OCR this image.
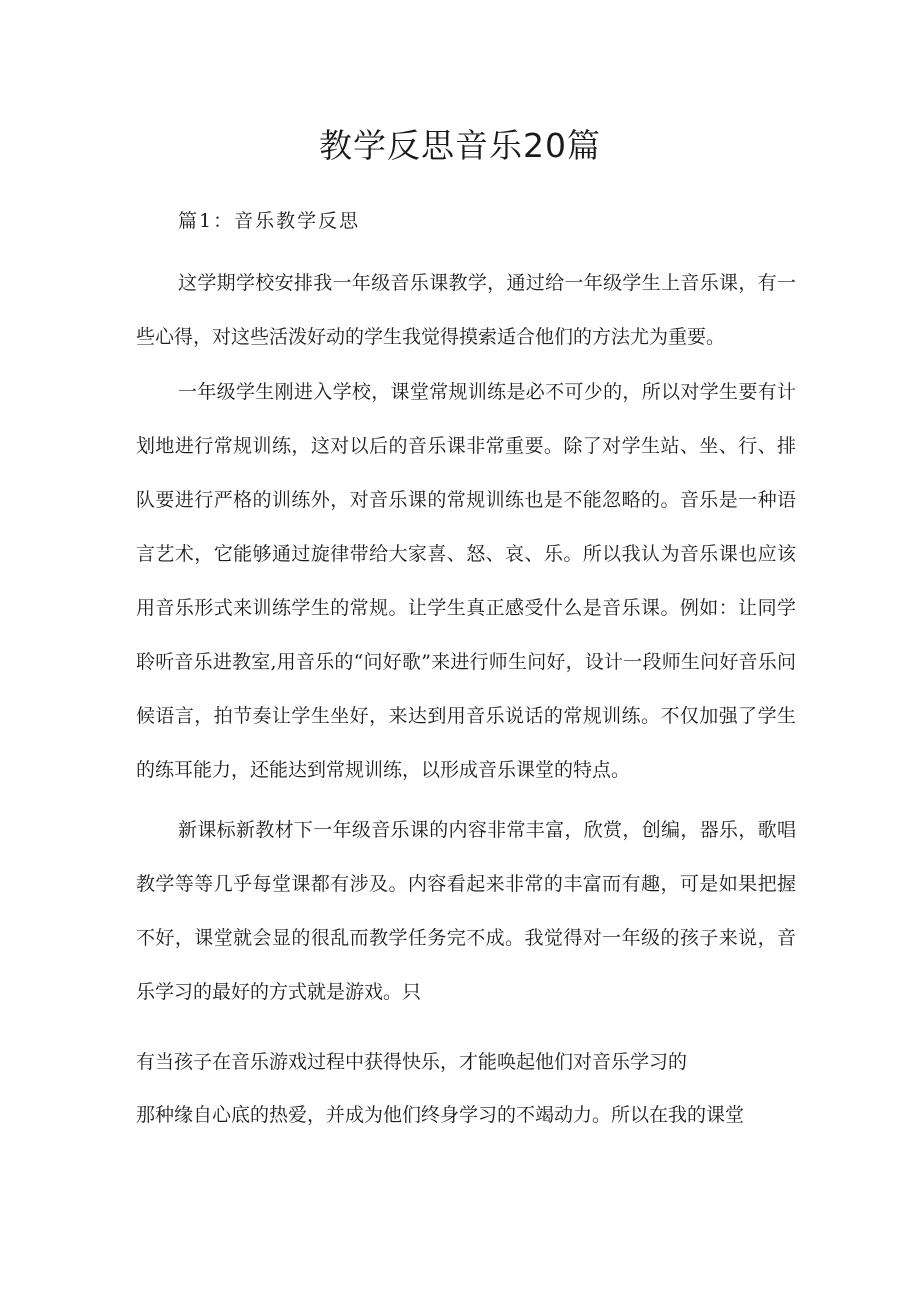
教学反思音乐20篇
篇1：音乐教学反思

这学期学校安排我一年级音乐课教学，通过给一年级学生上音乐课，有一些心得，对这些活泼好动的学生我觉得摸索适合他们的方法尤为重要。

一年级学生刚进入学校，课堂常规训练是必不可少的，所以对学生要有计划地进行常规训练，这对以后的音乐课非常重要。除了对学生站、坐、行、排队要进行严格的训练外，对音乐课的常规训练也是不能忽略的。音乐是一种语言艺术，它能够通过旋律带给大家喜、怒、哀、乐。所以我认为音乐课也应该用音乐形式来训练学生的常规。让学生真正感受什么是音乐课。例如：让同学聆听音乐进教室,用音乐的“问好歌”来进行师生问好，设计一段师生问好音乐问候语言，拍节奏让学生坐好，来达到用音乐说话的常规训练。不仅加强了学生的练耳能力，还能达到常规训练，以形成音乐课堂的特点。

新课标新教材下一年级音乐课的内容非常丰富，欣赏，创编，器乐，歌唱教学等等几乎每堂课都有涉及。内容看起来非常的丰富而有趣，可是如果把握不好，课堂就会显的很乱而教学任务完不成。我觉得对一年级的孩子来说，音乐学习的最好的方式就是游戏。只

有当孩子在音乐游戏过程中获得快乐，才能唤起他们对音乐学习的

那种缘自心底的热爱，并成为他们终身学习的不竭动力。所以在我的课堂
